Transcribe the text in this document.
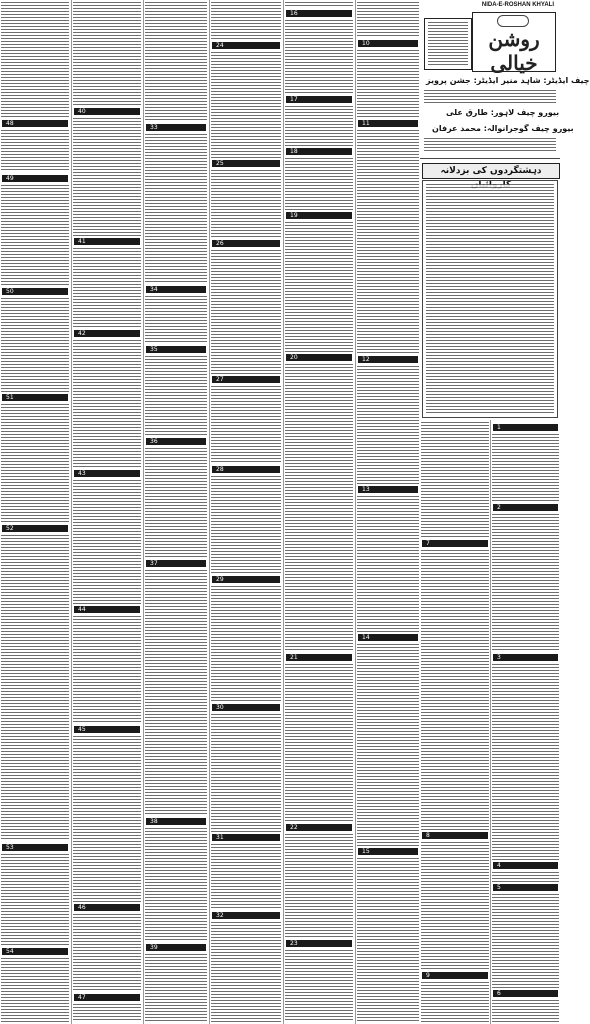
48
49
50
51
52
53
54
40
41
42
43
44
45
46
47
33
34
35
36
37
38
39
24
25
26
27
28
29
30
31
32
16
17
18
19
20
21
22
23
10
11
12
13
14
15
7
8
9
1
2
3
4
5
6
NIDA-E-ROSHAN KHYALI
روشن خیالی
چیف ایڈیٹر: شاہد منیر ایڈیٹر: جشن پرویز
بیورو چیف لاہور: طارق علی
بیورو چیف گوجرانوالہ: محمد عرفان
دہشتگردوں کی بزدلانہ
